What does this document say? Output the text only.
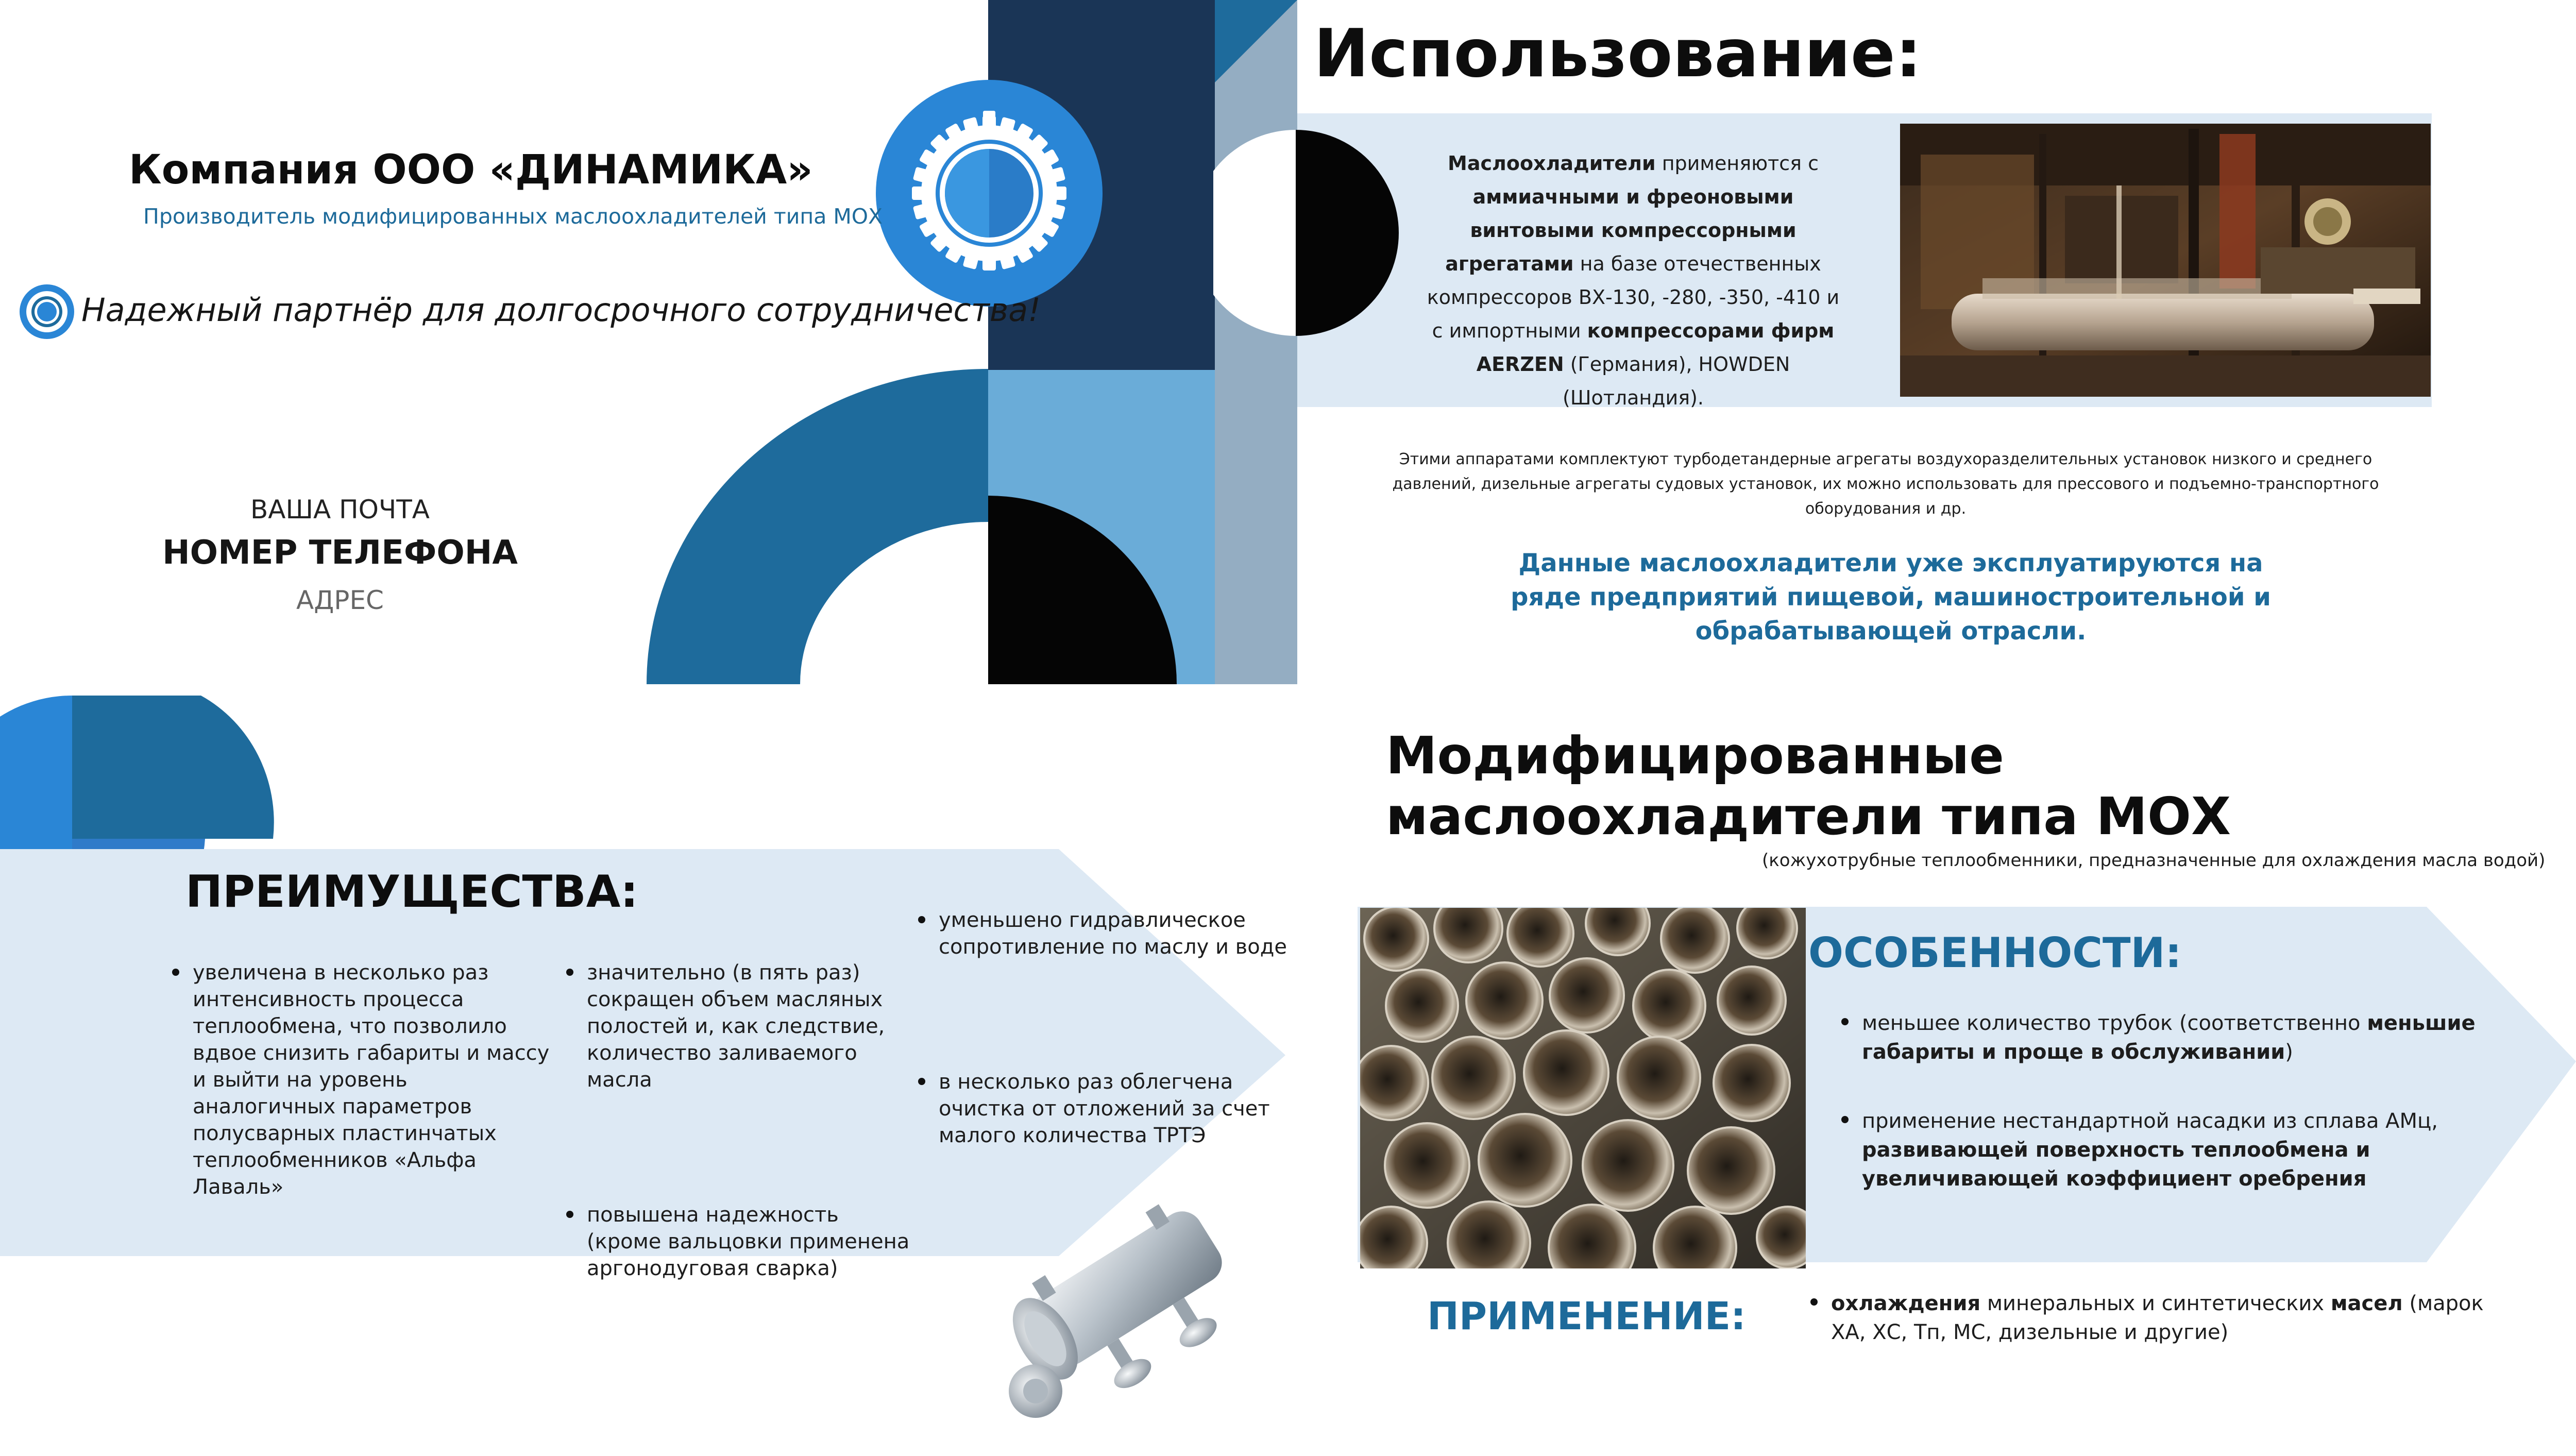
Компания ООО «ДИНАМИКА»
Производитель модифицированных маслоохладителей типа МОХ
Надежный партнёр для долгосрочного сотрудничества!
ВАША ПОЧТА
НОМЕР ТЕЛЕФОНА
АДРЕС
Использование:
Маслоохладители применяются с аммиачными и фреоновыми винтовыми компрессорными агрегатами на базе отечественных компрессоров ВХ-130, -280, -350, -410 и с импортными компрессорами фирм AERZEN (Германия), HOWDEN (Шотландия).
Этими аппаратами комплектуют турбодетандерные агрегаты воздухоразделительных установок низкого и среднего давлений, дизельные агрегаты судовых установок, их можно использовать для прессового и подъемно-транспортного оборудования и др.
Данные маслоохладители уже эксплуатируются на ряде предприятий пищевой, машиностроительной и обрабатывающей отрасли.
Модифицированные
маслоохладители типа МОХ
(кожухотрубные теплообменники, предназначенные для охлаждения масла водой)
ПРЕИМУЩЕСТВА:
увеличена в несколько раз интенсивность процесса теплообмена, что позволило вдвое снизить габариты и массу и выйти на уровень аналогичных параметров полусварных пластинчатых теплообменников «Альфа Лаваль»
значительно (в пять раз) сокращен объем масляных полостей и, как следствие, количество заливаемого масла
повышена надежность (кроме вальцовки применена аргонодуговая сварка)
уменьшено гидравлическое сопротивление по маслу и воде
в несколько раз облегчена очистка от отложений за счет малого количества ТРТЭ
ОСОБЕННОСТИ:
меньшее количество трубок (соответственно меньшие габариты и проще в обслуживании)
применение нестандартной насадки из сплава АМц, развивающей поверхность теплообмена и увеличивающей коэффициент оребрения
ПРИМЕНЕНИЕ:	охлаждения минеральных и синтетических масел (марок ХА, ХС, Тп, МС, дизельные и другие)
